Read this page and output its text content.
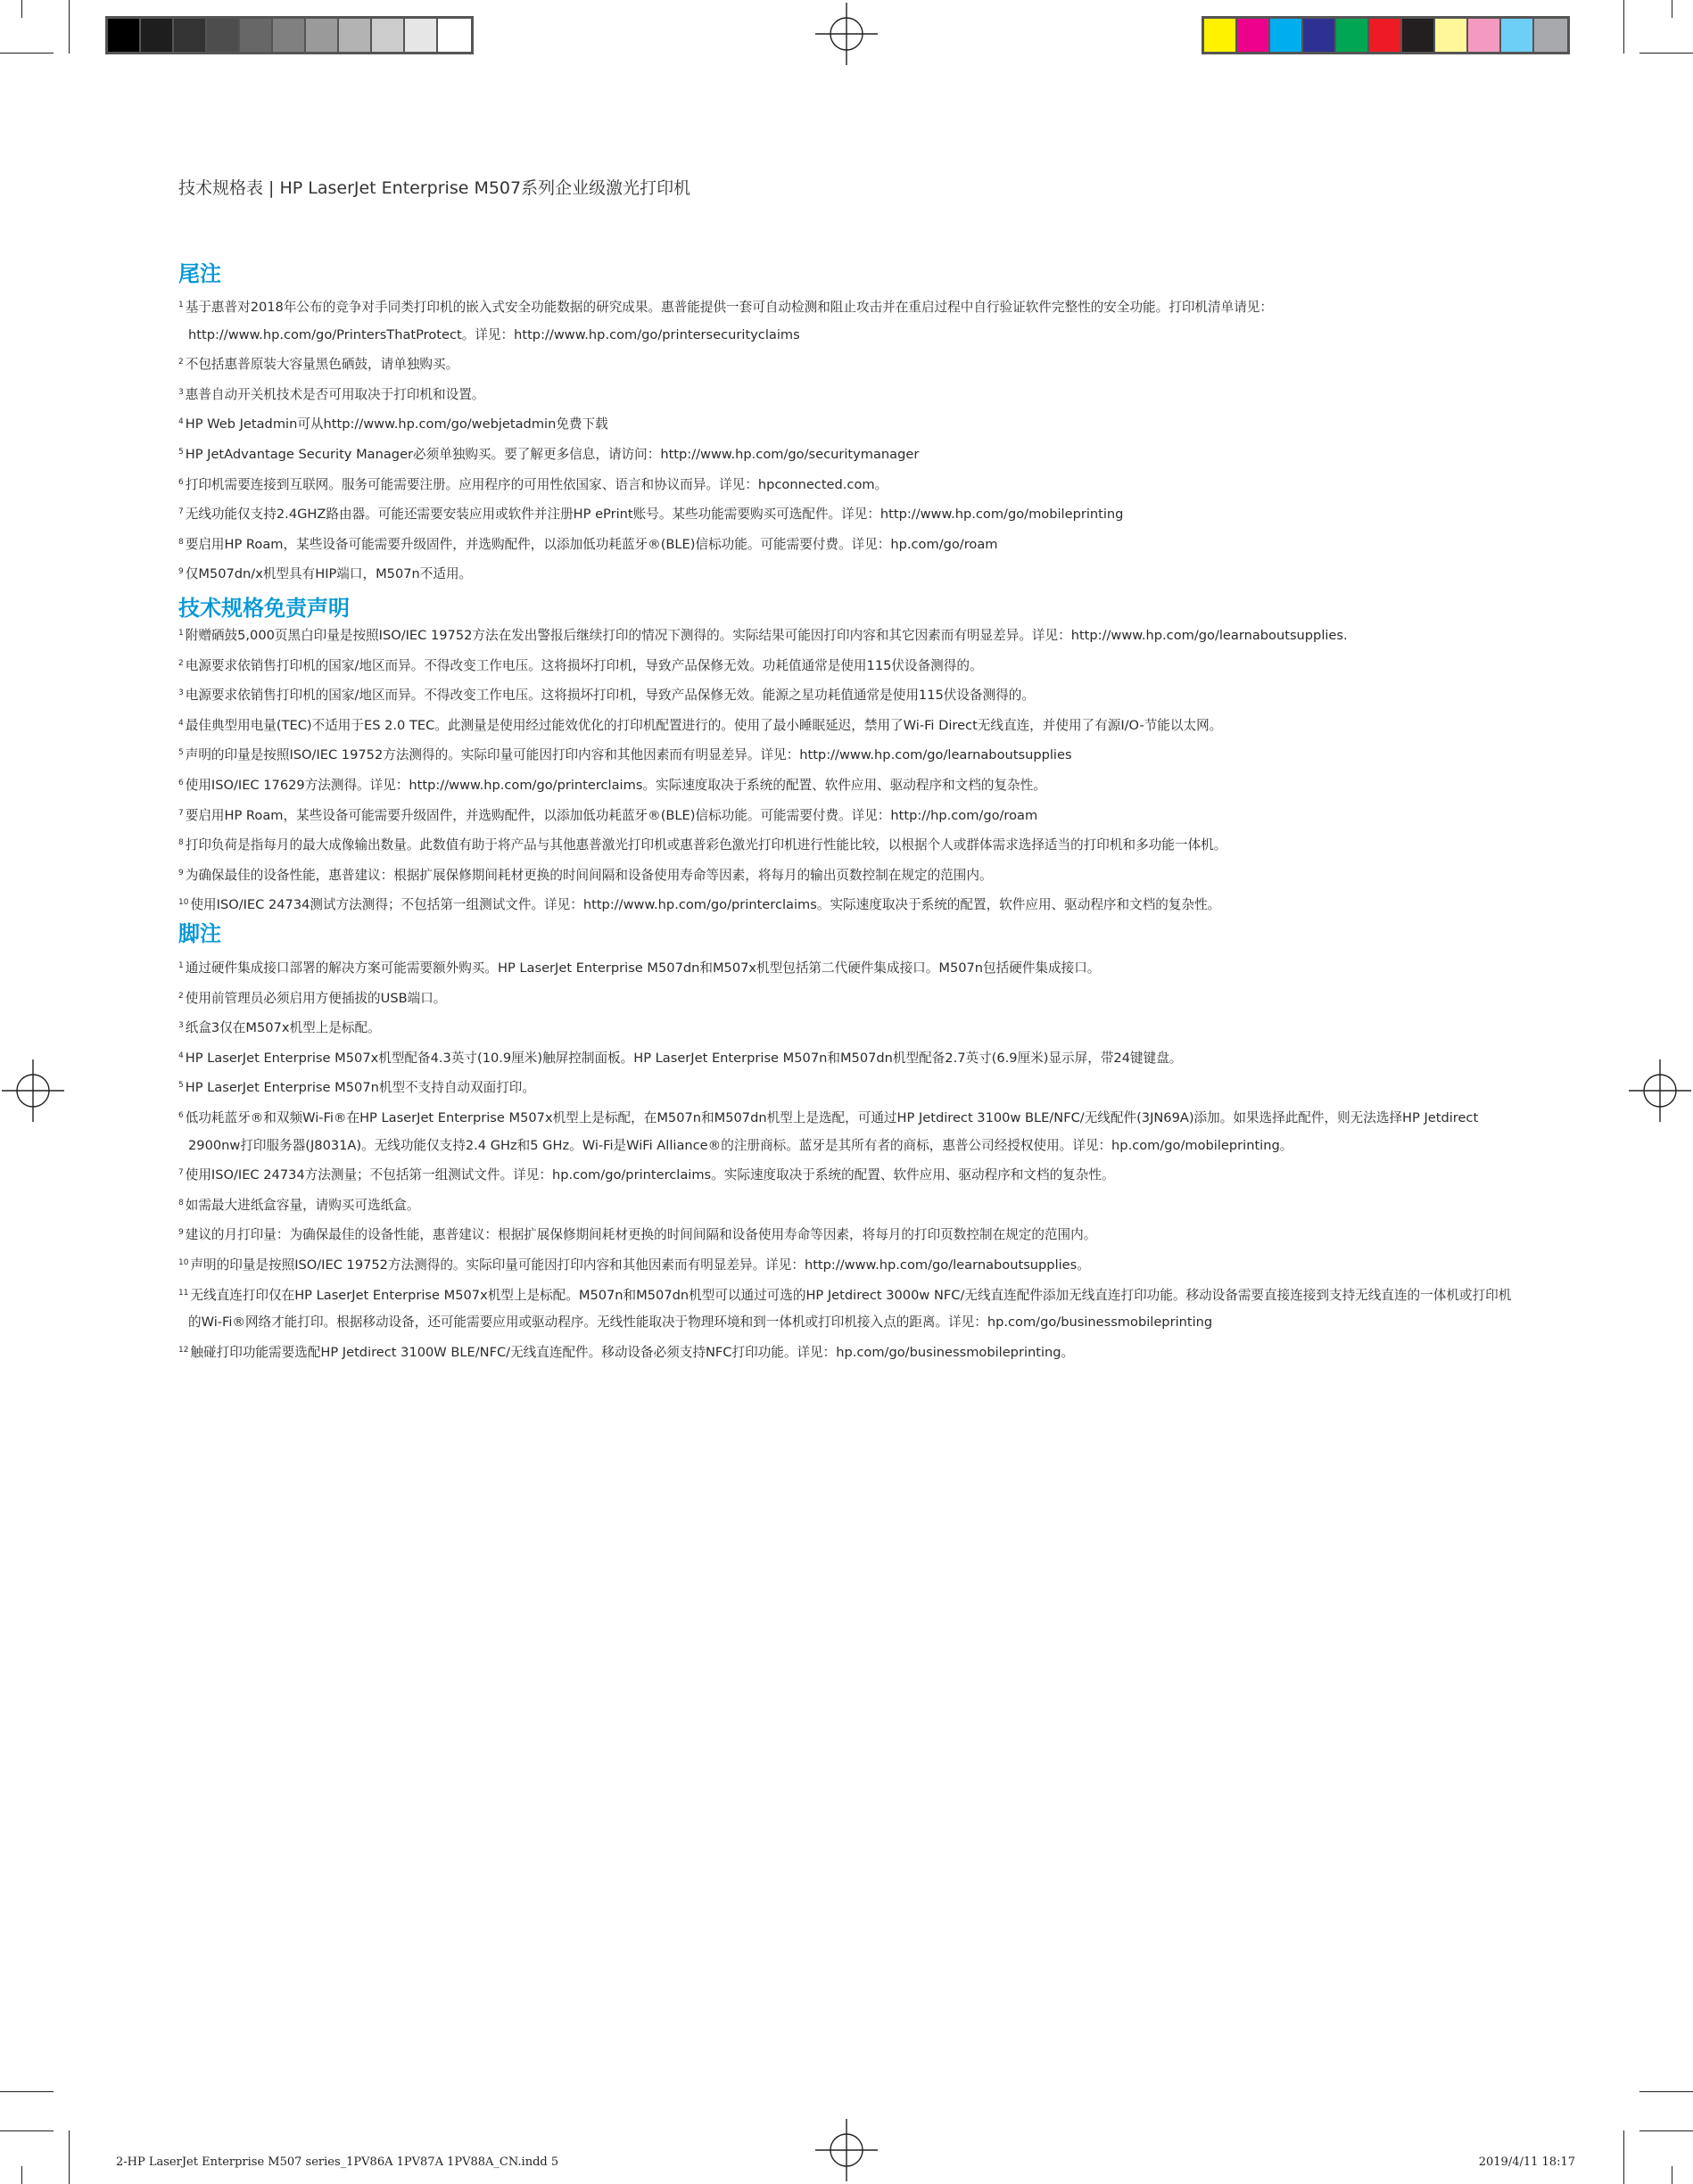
技术规格表 | HP LaserJet Enterprise M507系列企业级激光打印机
尾注
1 基于惠普对2018年公布的竞争对手同类打印机的嵌入式安全功能数据的研究成果。惠普能提供一套可自动检测和阻止攻击并在重启过程中自行验证软件完整性的安全功能。打印机清单请见：http://www.hp.com/go/PrintersThatProtect。详见：http://www.hp.com/go/printersecurityclaims
2 不包括惠普原装大容量黑色硒鼓，请单独购买。
3 惠普自动开关机技术是否可用取决于打印机和设置。
4 HP Web Jetadmin可从http://www.hp.com/go/webjetadmin免费下载
5 HP JetAdvantage Security Manager必须单独购买。要了解更多信息，请访问：http://www.hp.com/go/securitymanager
6 打印机需要连接到互联网。服务可能需要注册。应用程序的可用性依国家、语言和协议而异。详见：hpconnected.com。
7 无线功能仅支持2.4GHZ路由器。可能还需要安装应用或软件并注册HP ePrint账号。某些功能需要购买可选配件。详见：http://www.hp.com/go/mobileprinting
8 要启用HP Roam，某些设备可能需要升级固件，并选购配件，以添加低功耗蓝牙®(BLE)信标功能。可能需要付费。详见：hp.com/go/roam
9 仅M507dn/x机型具有HIP端口，M507n不适用。
技术规格免责声明
1 附赠硒鼓5,000页黑白印量是按照ISO/IEC 19752方法在发出警报后继续打印的情况下测得的。实际结果可能因打印内容和其它因素而有明显差异。详见：http://www.hp.com/go/learnaboutsupplies.
2 电源要求依销售打印机的国家/地区而异。不得改变工作电压。这将损坏打印机，导致产品保修无效。功耗值通常是使用115伏设备测得的。
3 电源要求依销售打印机的国家/地区而异。不得改变工作电压。这将损坏打印机，导致产品保修无效。能源之星功耗值通常是使用115伏设备测得的。
4 最佳典型用电量(TEC)不适用于ES 2.0 TEC。此测量是使用经过能效优化的打印机配置进行的。使用了最小睡眠延迟，禁用了Wi-Fi Direct无线直连，并使用了有源I/O-节能以太网。
5 声明的印量是按照ISO/IEC 19752方法测得的。实际印量可能因打印内容和其他因素而有明显差异。详见：http://www.hp.com/go/learnaboutsupplies
6 使用ISO/IEC 17629方法测得。详见：http://www.hp.com/go/printerclaims。实际速度取决于系统的配置、软件应用、驱动程序和文档的复杂性。
7 要启用HP Roam，某些设备可能需要升级固件，并选购配件，以添加低功耗蓝牙®(BLE)信标功能。可能需要付费。详见：http://hp.com/go/roam
8 打印负荷是指每月的最大成像输出数量。此数值有助于将产品与其他惠普激光打印机或惠普彩色激光打印机进行性能比较，以根据个人或群体需求选择适当的打印机和多功能一体机。
9 为确保最佳的设备性能，惠普建议：根据扩展保修期间耗材更换的时间间隔和设备使用寿命等因素，将每月的输出页数控制在规定的范围内。
10 使用ISO/IEC 24734测试方法测得；不包括第一组测试文件。详见：http://www.hp.com/go/printerclaims。实际速度取决于系统的配置，软件应用、驱动程序和文档的复杂性。
脚注
1 通过硬件集成接口部署的解决方案可能需要额外购买。HP LaserJet Enterprise M507dn和M507x机型包括第二代硬件集成接口。M507n包括硬件集成接口。
2 使用前管理员必须启用方便插拔的USB端口。
3 纸盒3仅在M507x机型上是标配。
4 HP LaserJet Enterprise M507x机型配备4.3英寸(10.9厘米)触屏控制面板。HP LaserJet Enterprise M507n和M507dn机型配备2.7英寸(6.9厘米)显示屏，带24键键盘。
5 HP LaserJet Enterprise M507n机型不支持自动双面打印。
6 低功耗蓝牙®和双频Wi-Fi®在HP LaserJet Enterprise M507x机型上是标配，在M507n和M507dn机型上是选配，可通过HP Jetdirect 3100w BLE/NFC/无线配件(3JN69A)添加。如果选择此配件，则无法选择HP Jetdirect 2900nw打印服务器(J8031A)。无线功能仅支持2.4 GHz和5 GHz。Wi-Fi是WiFi Alliance®的注册商标。蓝牙是其所有者的商标，惠普公司经授权使用。详见：hp.com/go/mobileprinting。
7 使用ISO/IEC 24734方法测量；不包括第一组测试文件。详见：hp.com/go/printerclaims。实际速度取决于系统的配置、软件应用、驱动程序和文档的复杂性。
8 如需最大进纸盒容量，请购买可选纸盒。
9 建议的月打印量：为确保最佳的设备性能，惠普建议：根据扩展保修期间耗材更换的时间间隔和设备使用寿命等因素，将每月的打印页数控制在规定的范围内。
10 声明的印量是按照ISO/IEC 19752方法测得的。实际印量可能因打印内容和其他因素而有明显差异。详见：http://www.hp.com/go/learnaboutsupplies。
11 无线直连打印仅在HP LaserJet Enterprise M507x机型上是标配。M507n和M507dn机型可以通过可选的HP Jetdirect 3000w NFC/无线直连配件添加无线直连打印功能。移动设备需要直接连接到支持无线直连的一体机或打印机的Wi-Fi®网络才能打印。根据移动设备，还可能需要应用或驱动程序。无线性能取决于物理环境和到一体机或打印机接入点的距离。详见：hp.com/go/businessmobileprinting
12 触碰打印功能需要选配HP Jetdirect 3100W BLE/NFC/无线直连配件。移动设备必须支持NFC打印功能。详见：hp.com/go/businessmobileprinting。
2-HP LaserJet Enterprise M507 series_1PV86A 1PV87A 1PV88A_CN.indd 5	2019/4/11 18:17
